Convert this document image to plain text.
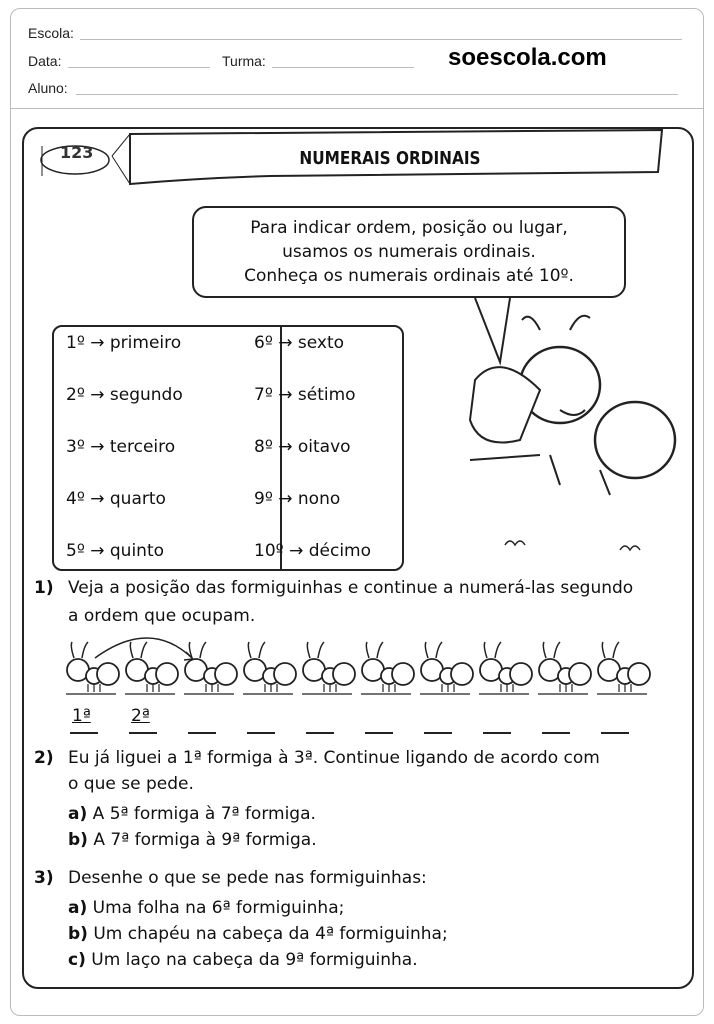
Escola:
Data:	Turma:	soescola.com
Aluno:
123	NUMERAIS ORDINAIS
Para indicar ordem, posição ou lugar,
usamos os numerais ordinais.
Conheça os numerais ordinais até 10º.
1º → primeiro
2º → segundo
3º → terceiro
4º → quarto
5º → quinto
6º → sexto
7º → sétimo
8º → oitavo
9º → nono
10º → décimo
1) Veja a posição das formiguinhas e continue a numerá-las segundo
a ordem que ocupam.
1ª 2ª
2) Eu já liguei a 1ª formiga à 3ª. Continue ligando de acordo com
o que se pede.
a) A 5ª formiga à 7ª formiga.
b) A 7ª formiga à 9ª formiga.
3) Desenhe o que se pede nas formiguinhas:
a) Uma folha na 6ª formiguinha;
b) Um chapéu na cabeça da 4ª formiguinha;
c) Um laço na cabeça da 9ª formiguinha.
